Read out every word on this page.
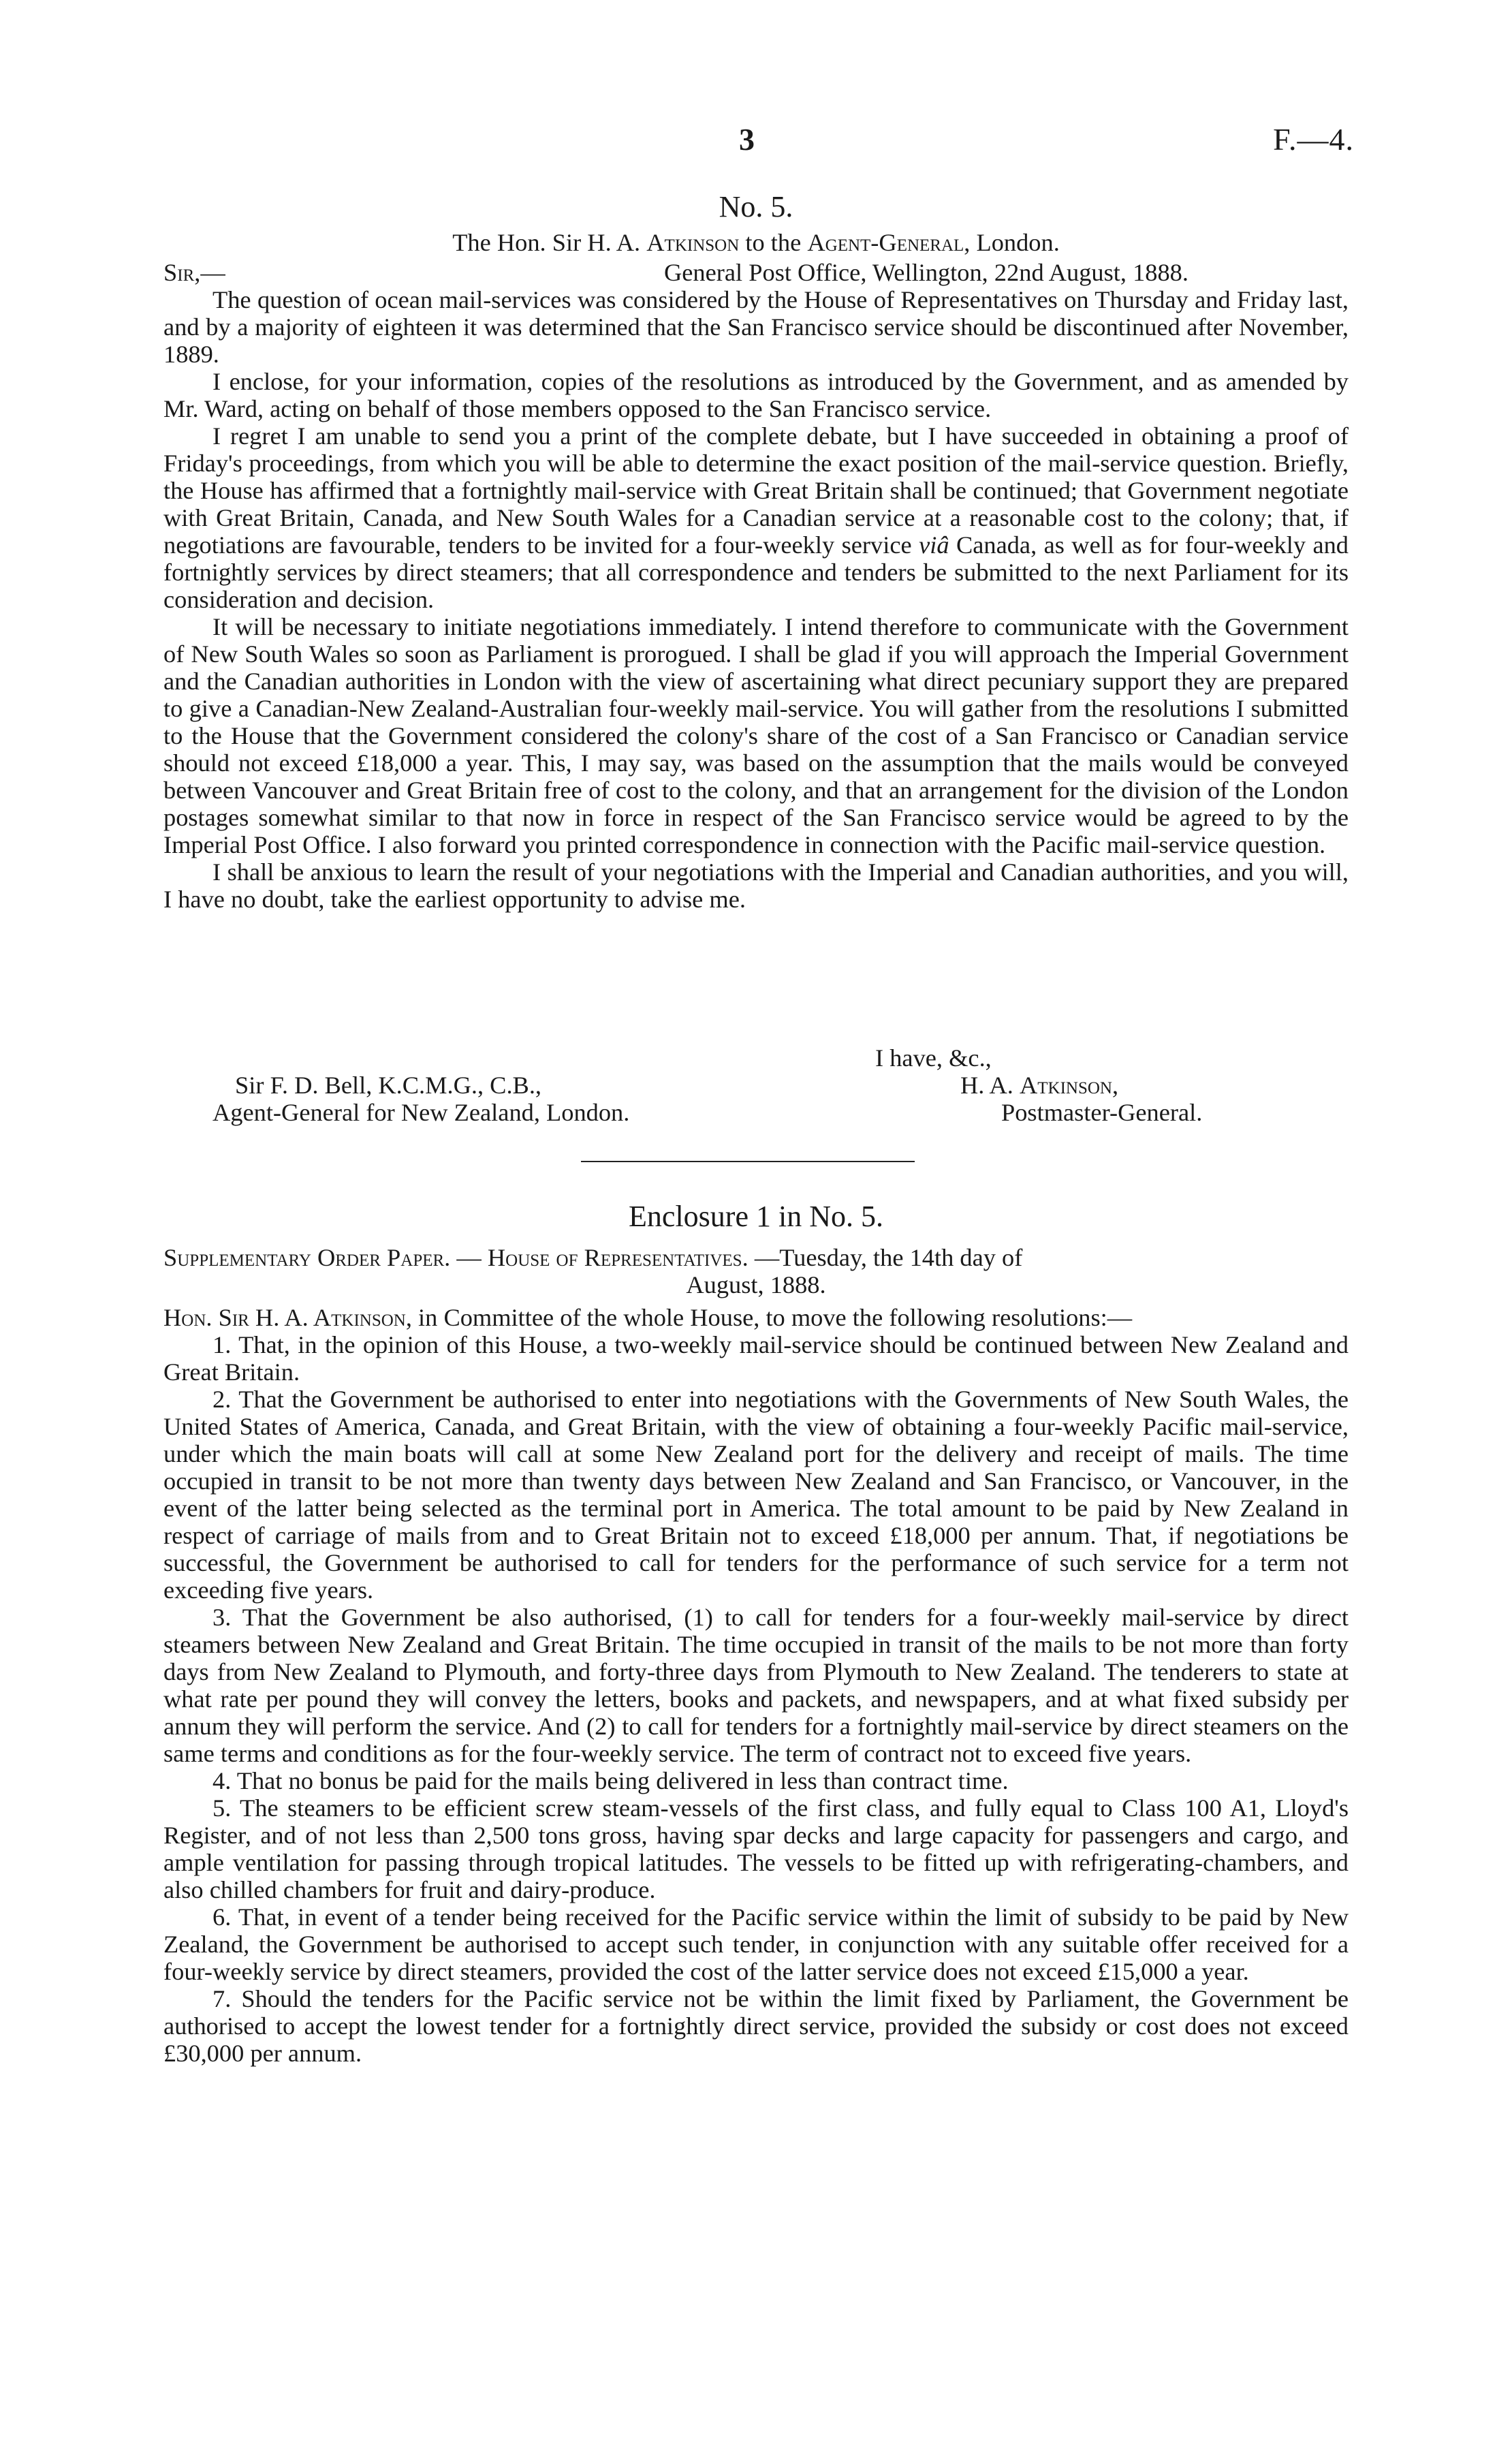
3	F.—4.
No. 5.
The Hon. Sir H. A. Atkinson to the Agent-General, London.
Sir,—	General Post Office, Wellington, 22nd August, 1888.

The question of ocean mail-services was considered by the House of Representatives on Thursday and Friday last, and by a majority of eighteen it was determined that the San Francisco service should be discontinued after November, 1889.

I enclose, for your information, copies of the resolutions as introduced by the Government, and as amended by Mr. Ward, acting on behalf of those members opposed to the San Francisco service.

I regret I am unable to send you a print of the complete debate, but I have succeeded in obtaining a proof of Friday's proceedings, from which you will be able to determine the exact position of the mail-service question. Briefly, the House has affirmed that a fortnightly mail-service with Great Britain shall be continued; that Government negotiate with Great Britain, Canada, and New South Wales for a Canadian service at a reasonable cost to the colony; that, if negotiations are favourable, tenders to be invited for a four-weekly service viâ Canada, as well as for four-weekly and fortnightly services by direct steamers; that all correspondence and tenders be submitted to the next Parliament for its consideration and decision.

It will be necessary to initiate negotiations immediately. I intend therefore to communicate with the Government of New South Wales so soon as Parliament is prorogued. I shall be glad if you will approach the Imperial Government and the Canadian authorities in London with the view of ascertaining what direct pecuniary support they are prepared to give a Canadian-New Zealand-Australian four-weekly mail-service. You will gather from the resolutions I submitted to the House that the Government considered the colony's share of the cost of a San Francisco or Canadian service should not exceed £18,000 a year. This, I may say, was based on the assumption that the mails would be conveyed between Vancouver and Great Britain free of cost to the colony, and that an arrangement for the division of the London postages somewhat similar to that now in force in respect of the San Francisco service would be agreed to by the Imperial Post Office. I also forward you printed correspondence in connection with the Pacific mail-service question.

I shall be anxious to learn the result of your negotiations with the Imperial and Canadian authorities, and you will, I have no doubt, take the earliest opportunity to advise me.

I have, &c.,
H. A. Atkinson,
Postmaster-General.
Sir F. D. Bell, K.C.M.G., C.B.,
Agent-General for New Zealand, London.
Enclosure 1 in No. 5.

Supplementary Order Paper. — House of Representatives. —Tuesday, the 14th day of

August, 1888.

Hon. Sir H. A. Atkinson, in Committee of the whole House, to move the following resolutions:—

1. That, in the opinion of this House, a two-weekly mail-service should be continued between New Zealand and Great Britain.

2. That the Government be authorised to enter into negotiations with the Governments of New South Wales, the United States of America, Canada, and Great Britain, with the view of obtaining a four-weekly Pacific mail-service, under which the main boats will call at some New Zealand port for the delivery and receipt of mails. The time occupied in transit to be not more than twenty days between New Zealand and San Francisco, or Vancouver, in the event of the latter being selected as the terminal port in America. The total amount to be paid by New Zealand in respect of carriage of mails from and to Great Britain not to exceed £18,000 per annum. That, if negotiations be successful, the Government be authorised to call for tenders for the performance of such service for a term not exceeding five years.

3. That the Government be also authorised, (1) to call for tenders for a four-weekly mail-service by direct steamers between New Zealand and Great Britain. The time occupied in transit of the mails to be not more than forty days from New Zealand to Plymouth, and forty-three days from Plymouth to New Zealand. The tenderers to state at what rate per pound they will convey the letters, books and packets, and newspapers, and at what fixed subsidy per annum they will perform the service. And (2) to call for tenders for a fortnightly mail-service by direct steamers on the same terms and conditions as for the four-weekly service. The term of contract not to exceed five years.

4. That no bonus be paid for the mails being delivered in less than contract time.

5. The steamers to be efficient screw steam-vessels of the first class, and fully equal to Class 100 A1, Lloyd's Register, and of not less than 2,500 tons gross, having spar decks and large capacity for passengers and cargo, and ample ventilation for passing through tropical latitudes. The vessels to be fitted up with refrigerating-chambers, and also chilled chambers for fruit and dairy-produce.

6. That, in event of a tender being received for the Pacific service within the limit of subsidy to be paid by New Zealand, the Government be authorised to accept such tender, in conjunction with any suitable offer received for a four-weekly service by direct steamers, provided the cost of the latter service does not exceed £15,000 a year.

7. Should the tenders for the Pacific service not be within the limit fixed by Parliament, the Government be authorised to accept the lowest tender for a fortnightly direct service, provided the subsidy or cost does not exceed £30,000 per annum.
